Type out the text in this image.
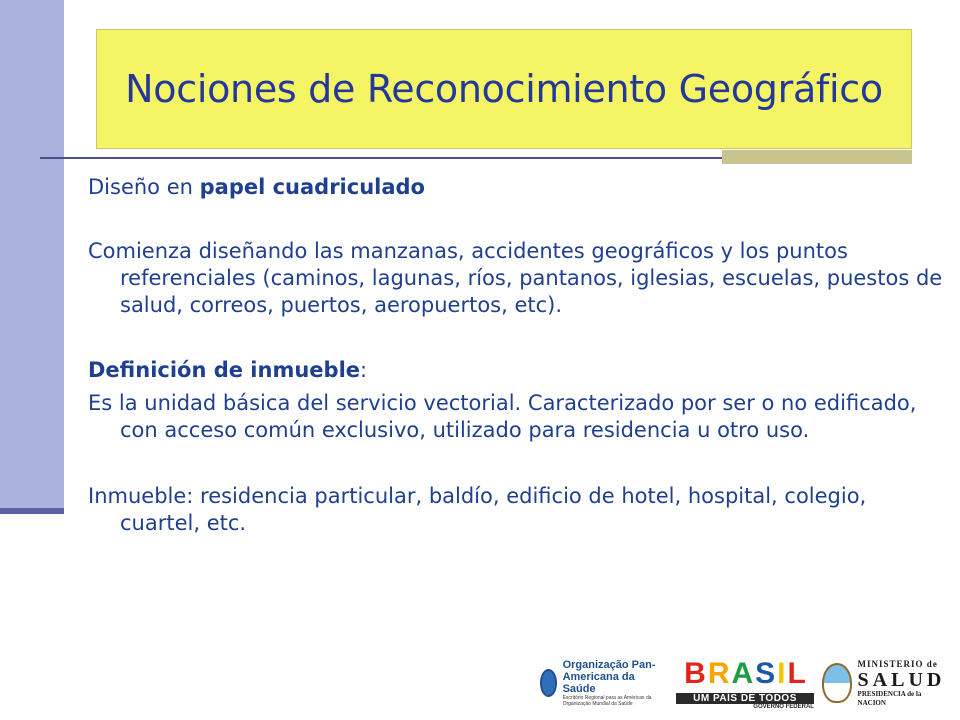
Nociones de Reconocimiento Geográfico

Diseño en papel cuadriculado

Comienza diseñando las manzanas, accidentes geográficos y los puntos referenciales (caminos, lagunas, ríos, pantanos, iglesias, escuelas, puestos de salud, correos, puertos, aeropuertos, etc).

Definición de inmueble:

Es la unidad básica del servicio vectorial. Caracterizado por ser o no edificado, con acceso común exclusivo, utilizado para residencia u otro uso.

Inmueble: residencia particular, baldío, edificio de hotel, hospital, colegio, cuartel, etc.

Organização Pan-Americana da Saúde
Escritório Regional para as Américas da Organização Mundial da Saúde
B R A S I L
UM PAÍS DE TODOS
GOVERNO FEDERAL
MINISTERIO de
SALUD
PRESIDENCIA de la NACION
